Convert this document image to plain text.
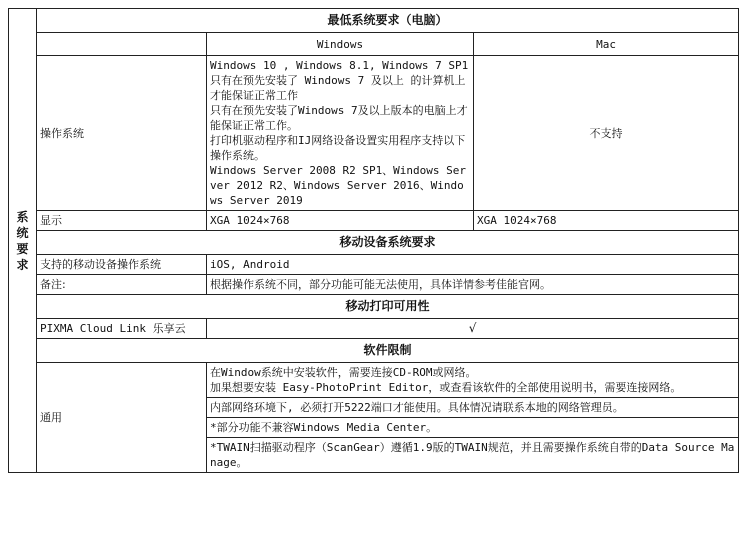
系
统
要
求	最低系统要求（电脑）		
		Windows	Mac
	操作系统	Windows 10 , Windows 8.1, Windows 7 SP1
只有在预先安装了 Windows 7 及以上 的计算机上才能保证正常工作
只有在预先安装了Windows 7及以上版本的电脑上才能保证正常工作。
打印机驱动程序和IJ网络设备设置实用程序支持以下操作系统。
Windows Server 2008 R2 SP1、Windows Server 2012 R2、Windows Server 2016、Windows Server 2019	不支持
	显示	XGA 1024×768	XGA 1024×768
	移动设备系统要求		
	支持的移动设备操作系统	iOS, Android	
	备注:	根据操作系统不同，部分功能可能无法使用，具体详情参考佳能官网。	
	移动打印可用性		
	PIXMA Cloud Link 乐享云	√	
	软件限制		
	通用	在Window系统中安装软件，需要连接CD-ROM或网络。
加果想要安装 Easy-PhotoPrint Editor，或查看该软件的全部使用说明书，需要连接网络。	
		内部网络环境下, 必须打开5222端口才能使用。具体情况请联系本地的网络管理员。	
		*部分功能不兼容Windows Media Center。	
		*TWAIN扫描驱动程序（ScanGear）遵循1.9版的TWAIN规范，并且需要操作系统自带的Data Source Manage。	
